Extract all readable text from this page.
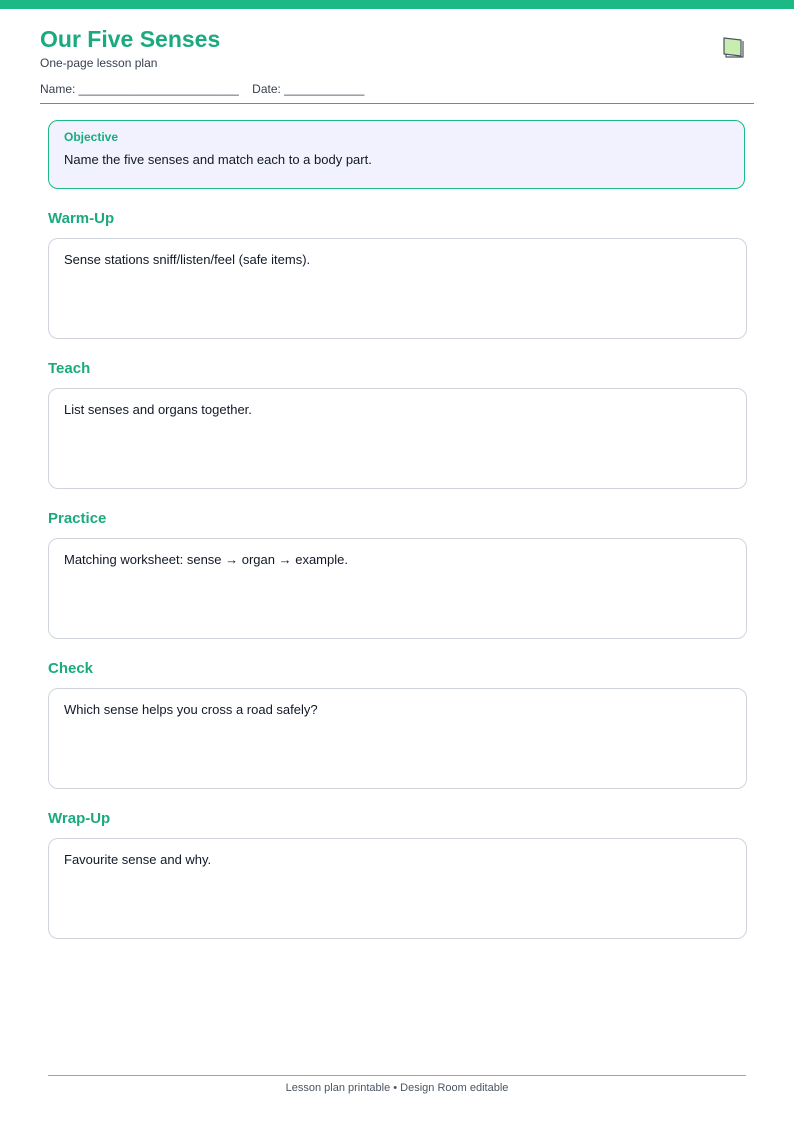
Our Five Senses
One-page lesson plan
Name: ________________________    Date: ____________
Objective
Name the five senses and match each to a body part.
Warm-Up
Sense stations sniff/listen/feel (safe items).
Teach
List senses and organs together.
Practice
Matching worksheet: sense → organ → example.
Check
Which sense helps you cross a road safely?
Wrap-Up
Favourite sense and why.
Lesson plan printable • Design Room editable
